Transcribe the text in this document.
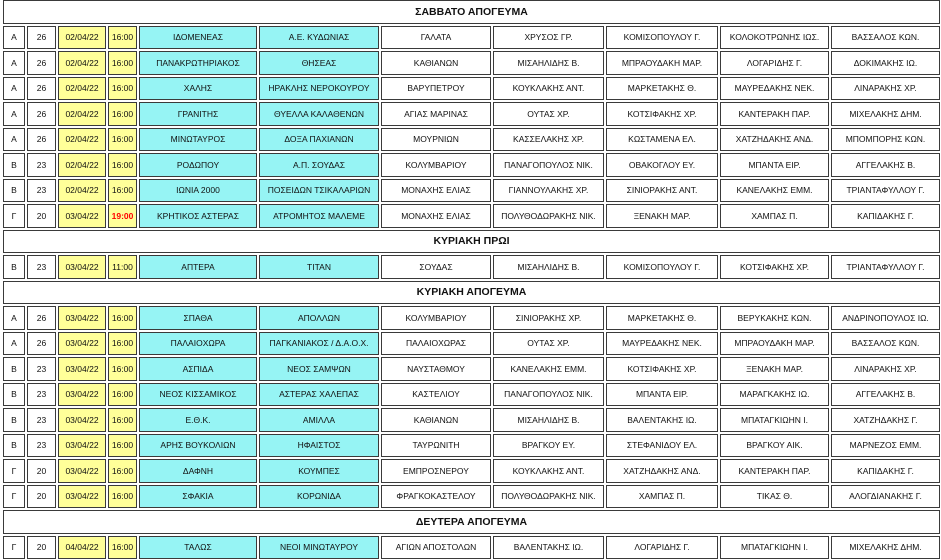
ΣΑΒΒΑΤΟ ΑΠΟΓΕΥΜΑ
Α	26	02/04/22	16:00	ΙΔΟΜΕΝΕΑΣ	Α.Ε. ΚΥΔΩΝΙΑΣ	ΓΑΛΑΤΑ	ΧΡΥΣΟΣ ΓΡ.	ΚΟΜΙΣΟΠΟΥΛΟΥ Γ.	ΚΟΛΟΚΟΤΡΩΝΗΣ ΙΩΣ.	ΒΑΣΣΑΛΟΣ ΚΩΝ.
Α	26	02/04/22	16:00	ΠΑΝΑΚΡΩΤΗΡΙΑΚΟΣ	ΘΗΣΕΑΣ	ΚΑΘΙΑΝΩΝ	ΜΙΣΑΗΛΙΔΗΣ Β.	ΜΠΡΑΟΥΔΑΚΗ ΜΑΡ.	ΛΟΓΑΡΙΔΗΣ Γ.	ΔΟΚΙΜΑΚΗΣ ΙΩ.
Α	26	02/04/22	16:00	ΧΑΛΗΣ	ΗΡΑΚΛΗΣ ΝΕΡΟΚΟΥΡΟΥ	ΒΑΡΥΠΕΤΡΟΥ	ΚΟΥΚΛΑΚΗΣ ΑΝΤ.	ΜΑΡΚΕΤΑΚΗΣ Θ.	ΜΑΥΡΕΔΑΚΗΣ ΝΕΚ.	ΛΙΝΑΡΑΚΗΣ ΧΡ.
Α	26	02/04/22	16:00	ΓΡΑΝΙΤΗΣ	ΘΥΕΛΛΑ ΚΑΛΑΘΕΝΩΝ	ΑΓΙΑΣ ΜΑΡΙΝΑΣ	ΟΥΤΑΣ ΧΡ.	ΚΟΤΣΙΦΑΚΗΣ ΧΡ.	ΚΑΝΤΕΡΑΚΗ ΠΑΡ.	ΜΙΧΕΛΑΚΗΣ ΔΗΜ.
Α	26	02/04/22	16:00	ΜΙΝΩΤΑΥΡΟΣ	ΔΟΞΑ ΠΑΧΙΑΝΩΝ	ΜΟΥΡΝΙΩΝ	ΚΑΣΣΕΛΑΚΗΣ ΧΡ.	ΚΩΣΤΑΜΕΝΑ ΕΛ.	ΧΑΤΖΗΔΑΚΗΣ ΑΝΔ.	ΜΠΟΜΠΟΡΗΣ ΚΩΝ.
Β	23	02/04/22	16:00	ΡΟΔΩΠΟΥ	Α.Π. ΣΟΥΔΑΣ	ΚΟΛΥΜΒΑΡΙΟΥ	ΠΑΝΑΓΟΠΟΥΛΟΣ ΝΙΚ.	ΟΒΑΚΟΓΛΟΥ ΕΥ.	ΜΠΑΝΤΑ ΕΙΡ.	ΑΓΓΕΛΑΚΗΣ Β.
Β	23	02/04/22	16:00	ΙΩΝΙΑ 2000	ΠΟΣΕΙΔΩΝ ΤΣΙΚΑΛΑΡΙΩΝ	ΜΟΝΑΧΗΣ ΕΛΙΑΣ	ΓΙΑΝΝΟΥΛΑΚΗΣ ΧΡ.	ΣΙΝΙΟΡΑΚΗΣ ΑΝΤ.	ΚΑΝΕΛΑΚΗΣ ΕΜΜ.	ΤΡΙΑΝΤΑΦΥΛΛΟΥ Γ.
Γ	20	03/04/22	19:00	ΚΡΗΤΙΚΟΣ ΑΣΤΕΡΑΣ	ΑΤΡΟΜΗΤΟΣ ΜΑΛΕΜΕ	ΜΟΝΑΧΗΣ ΕΛΙΑΣ	ΠΟΛΥΘΟΔΩΡΑΚΗΣ ΝΙΚ.	ΞΕΝΑΚΗ ΜΑΡ.	ΧΑΜΠΑΣ Π.	ΚΑΠΙΔΑΚΗΣ Γ.
ΚΥΡΙΑΚΗ ΠΡΩΙ
Β	23	03/04/22	11:00	ΑΠΤΕΡΑ	ΤΙΤΑΝ	ΣΟΥΔΑΣ	ΜΙΣΑΗΛΙΔΗΣ Β.	ΚΟΜΙΣΟΠΟΥΛΟΥ Γ.	ΚΟΤΣΙΦΑΚΗΣ ΧΡ.	ΤΡΙΑΝΤΑΦΥΛΛΟΥ Γ.
ΚΥΡΙΑΚΗ ΑΠΟΓΕΥΜΑ
Α	26	03/04/22	16:00	ΣΠΑΘΑ	ΑΠΟΛΛΩΝ	ΚΟΛΥΜΒΑΡΙΟΥ	ΣΙΝΙΟΡΑΚΗΣ ΧΡ.	ΜΑΡΚΕΤΑΚΗΣ Θ.	ΒΕΡΥΚΑΚΗΣ ΚΩΝ.	ΑΝΔΡΙΝΟΠΟΥΛΟΣ ΙΩ.
Α	26	03/04/22	16:00	ΠΑΛΑΙΟΧΩΡΑ	ΠΑΓΚΑΝΙΑΚΟΣ / Δ.Α.Ο.Χ.	ΠΑΛΑΙΟΧΩΡΑΣ	ΟΥΤΑΣ ΧΡ.	ΜΑΥΡΕΔΑΚΗΣ ΝΕΚ.	ΜΠΡΑΟΥΔΑΚΗ ΜΑΡ.	ΒΑΣΣΑΛΟΣ ΚΩΝ.
Β	23	03/04/22	16:00	ΑΣΠΙΔΑ	ΝΕΟΣ ΣΑΜΨΩΝ	ΝΑΥΣΤΑΘΜΟΥ	ΚΑΝΕΛΑΚΗΣ ΕΜΜ.	ΚΟΤΣΙΦΑΚΗΣ ΧΡ.	ΞΕΝΑΚΗ ΜΑΡ.	ΛΙΝΑΡΑΚΗΣ ΧΡ.
Β	23	03/04/22	16:00	ΝΕΟΣ ΚΙΣΣΑΜΙΚΟΣ	ΑΣΤΕΡΑΣ ΧΑΛΕΠΑΣ	ΚΑΣΤΕΛΙΟΥ	ΠΑΝΑΓΟΠΟΥΛΟΣ ΝΙΚ.	ΜΠΑΝΤΑ ΕΙΡ.	ΜΑΡΑΓΚΑΚΗΣ ΙΩ.	ΑΓΓΕΛΑΚΗΣ Β.
Β	23	03/04/22	16:00	Ε.Θ.Κ.	ΑΜΙΛΛΑ	ΚΑΘΙΑΝΩΝ	ΜΙΣΑΗΛΙΔΗΣ Β.	ΒΑΛΕΝΤΑΚΗΣ ΙΩ.	ΜΠΑΤΑΓΚΙΩΗΝ Ι.	ΧΑΤΖΗΔΑΚΗΣ Γ.
Β	23	03/04/22	16:00	ΑΡΗΣ ΒΟΥΚΟΛΙΩΝ	ΗΦΑΙΣΤΟΣ	ΤΑΥΡΩΝΙΤΗ	ΒΡΑΓΚΟΥ ΕΥ.	ΣΤΕΦΑΝΙΔΟΥ ΕΛ.	ΒΡΑΓΚΟΥ ΑΙΚ.	ΜΑΡΝΕΖΟΣ ΕΜΜ.
Γ	20	03/04/22	16:00	ΔΑΦΝΗ	ΚΟΥΜΠΕΣ	ΕΜΠΡΟΣΝΕΡΟΥ	ΚΟΥΚΛΑΚΗΣ ΑΝΤ.	ΧΑΤΖΗΔΑΚΗΣ ΑΝΔ.	ΚΑΝΤΕΡΑΚΗ ΠΑΡ.	ΚΑΠΙΔΑΚΗΣ Γ.
Γ	20	03/04/22	16:00	ΣΦΑΚΙΑ	ΚΟΡΩΝΙΔΑ	ΦΡΑΓΚΟΚΑΣΤΕΛΟΥ	ΠΟΛΥΘΟΔΩΡΑΚΗΣ ΝΙΚ.	ΧΑΜΠΑΣ Π.	ΤΙΚΑΣ Θ.	ΑΛΟΓΔΙΑΝΑΚΗΣ Γ.
ΔΕΥΤΕΡΑ ΑΠΟΓΕΥΜΑ
Γ	20	04/04/22	16:00	ΤΑΛΩΣ	ΝΕΟΙ ΜΙΝΩΤΑΥΡΟΥ	ΑΓΙΩΝ ΑΠΟΣΤΟΛΩΝ	ΒΑΛΕΝΤΑΚΗΣ ΙΩ.	ΛΟΓΑΡΙΔΗΣ Γ.	ΜΠΑΤΑΓΚΙΩΗΝ Ι.	ΜΙΧΕΛΑΚΗΣ ΔΗΜ.
